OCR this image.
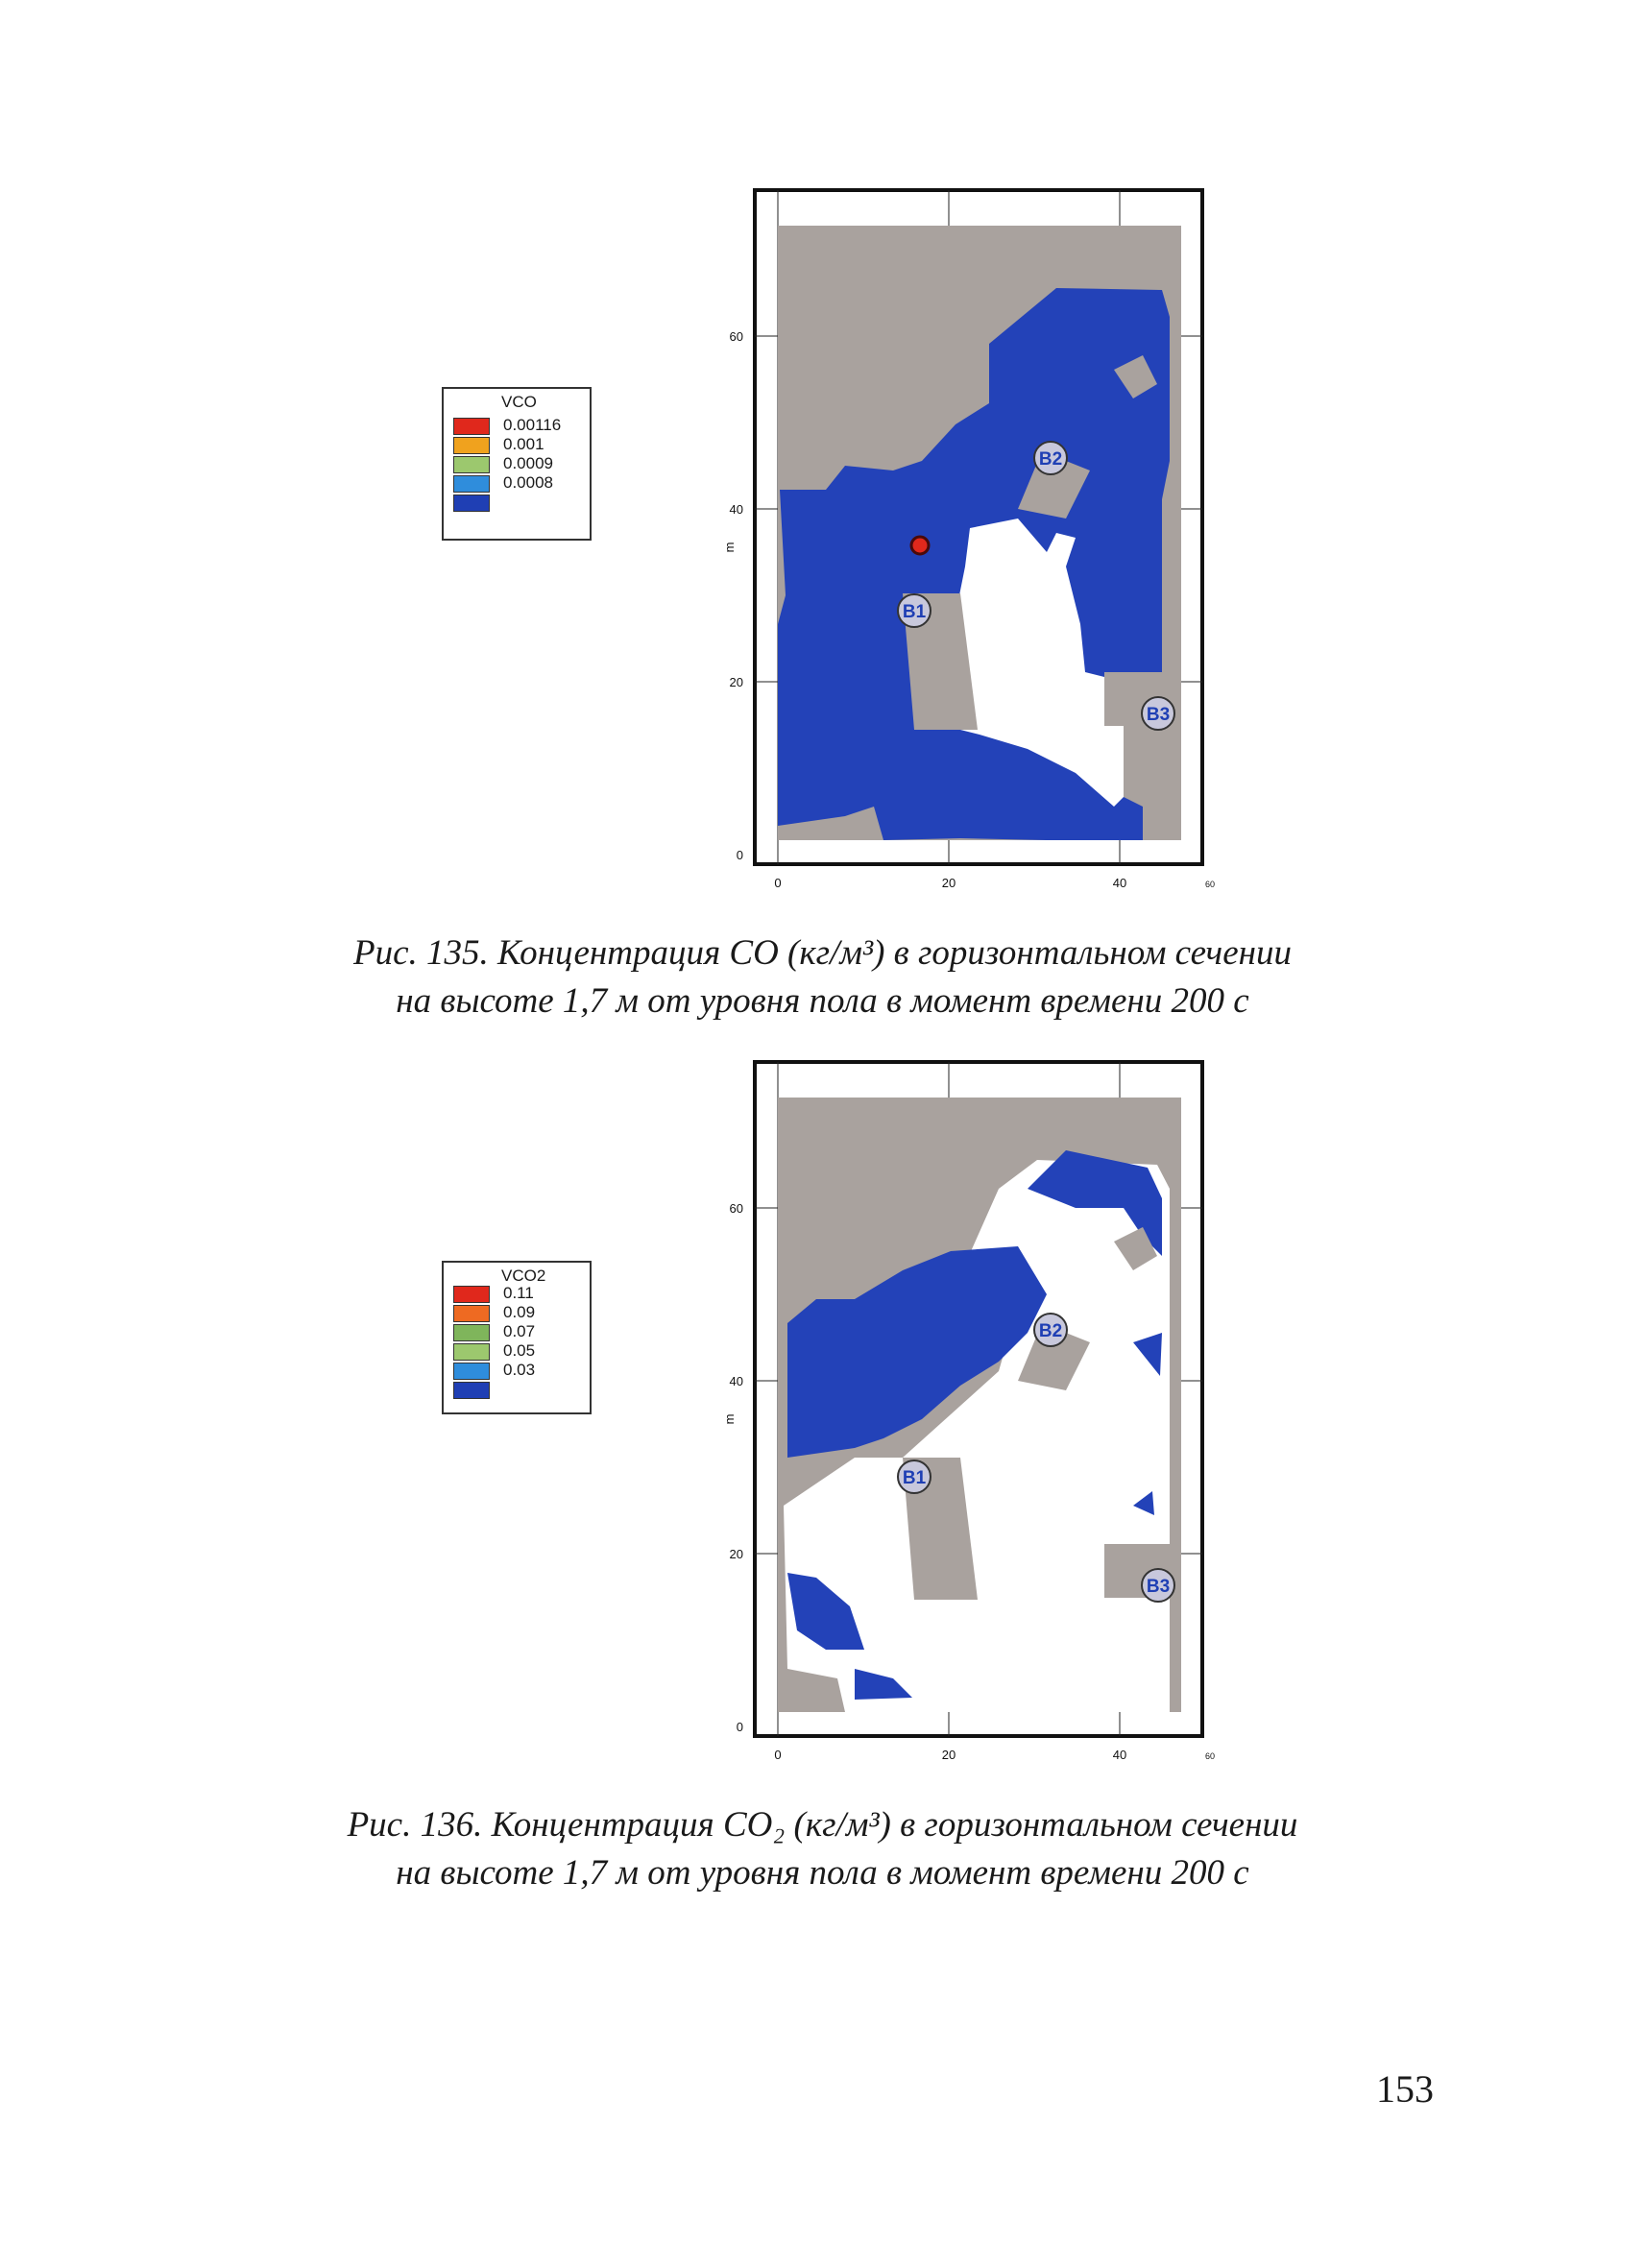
VCO
0.00116
0.001
0.0009
0.0008
B1
B2
B3
0
20
40
60
m
0	20	40	60
Рис. 135. Концентрация СО (кг/м³) в горизонтальном сечении
на высоте 1,7 м от уровня пола в момент времени 200 с
VCO2
0.11
0.09
0.07
0.05
0.03
B1
B2
B3
0
20
40
60
m
0	20	40	60
Рис. 136. Концентрация СО₂ (кг/м³) в горизонтальном сечении
на высоте 1,7 м от уровня пола в момент времени 200 с
153
